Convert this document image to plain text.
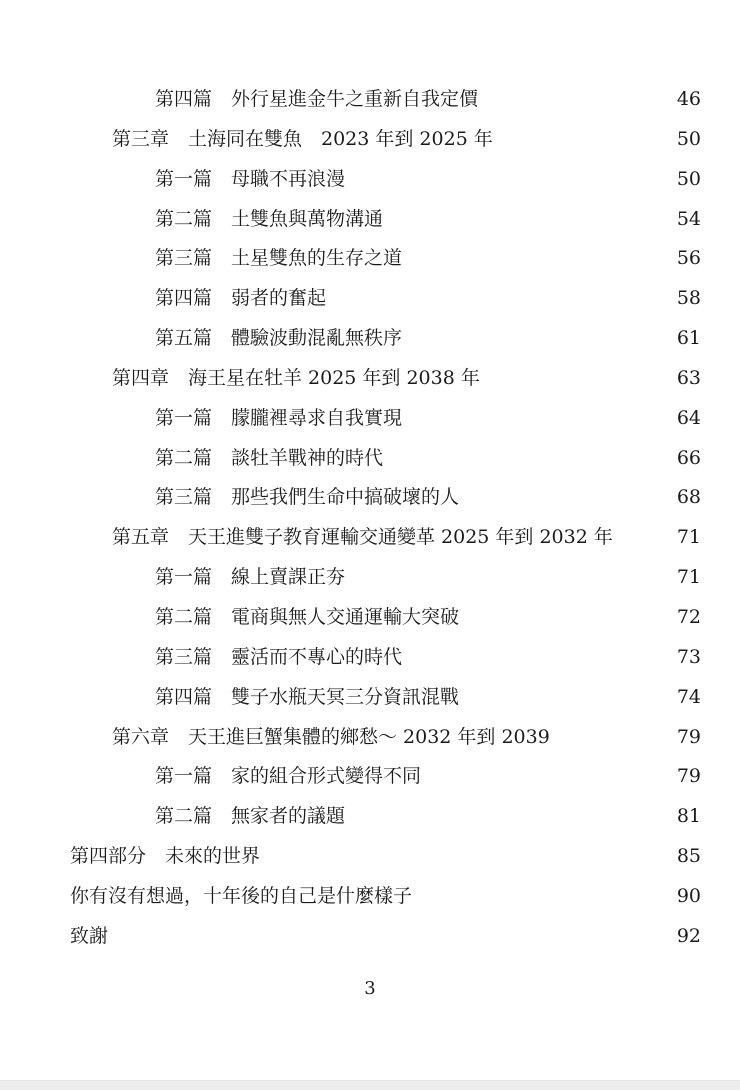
第四篇　外行星進金牛之重新自我定價	46
第三章　土海同在雙魚　2023 年到 2025 年	50
第一篇　母職不再浪漫	50
第二篇　土雙魚與萬物溝通	54
第三篇　土星雙魚的生存之道	56
第四篇　弱者的奮起	58
第五篇　體驗波動混亂無秩序	61
第四章　海王星在牡羊 2025 年到 2038 年	63
第一篇　朦朧裡尋求自我實現	64
第二篇　談牡羊戰神的時代	66
第三篇　那些我們生命中搞破壞的人	68
第五章　天王進雙子教育運輸交通變革 2025 年到 2032 年	71
第一篇　線上賣課正夯	71
第二篇　電商與無人交通運輸大突破	72
第三篇　靈活而不專心的時代	73
第四篇　雙子水瓶天冥三分資訊混戰	74
第六章　天王進巨蟹集體的鄉愁～ 2032 年到 2039	79
第一篇　家的組合形式變得不同	79
第二篇　無家者的議題	81
第四部分　未來的世界	85
你有沒有想過，十年後的自己是什麼樣子	90
致謝	92
3
